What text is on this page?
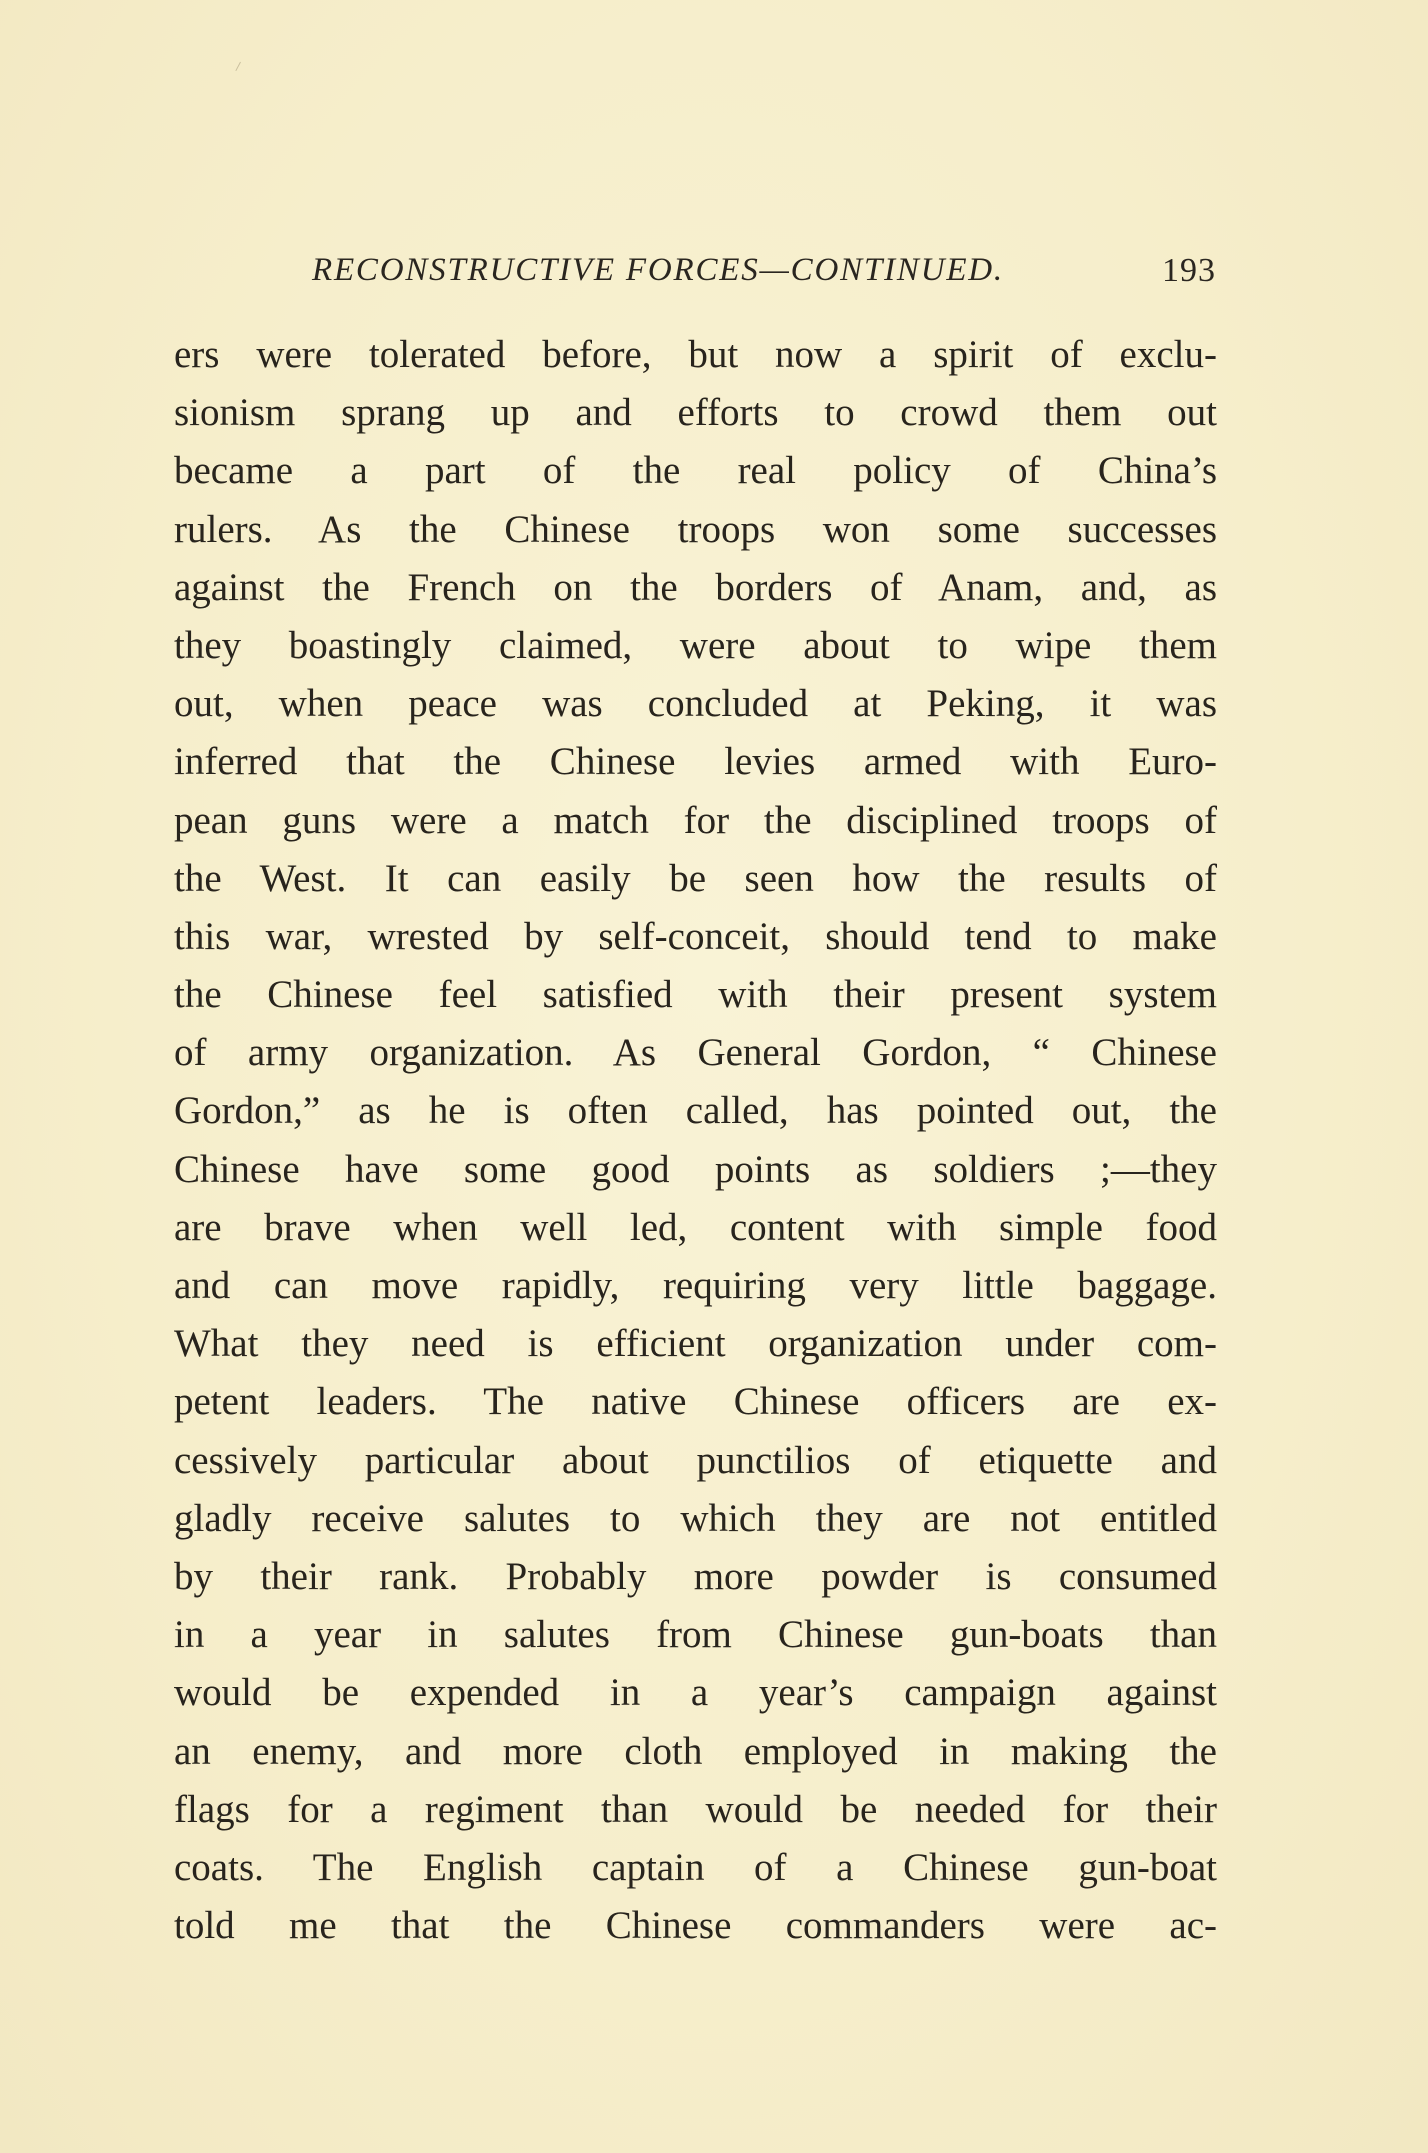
RECONSTRUCTIVE FORCES—CONTINUED.	193
ers were tolerated before, but now a spirit of exclu-
sionism sprang up and efforts to crowd them out
became a part of the real policy of China’s
rulers. As the Chinese troops won some successes
against the French on the borders of Anam, and, as
they boastingly claimed, were about to wipe them
out, when peace was concluded at Peking, it was
inferred that the Chinese levies armed with Euro-
pean guns were a match for the disciplined troops of
the West. It can easily be seen how the results of
this war, wrested by self-conceit, should tend to make
the Chinese feel satisfied with their present system
of army organization. As General Gordon, “ Chinese
Gordon,” as he is often called, has pointed out, the
Chinese have some good points as soldiers ;—they
are brave when well led, content with simple food
and can move rapidly, requiring very little baggage.
What they need is efficient organization under com-
petent leaders. The native Chinese officers are ex-
cessively particular about punctilios of etiquette and
gladly receive salutes to which they are not entitled
by their rank. Probably more powder is consumed
in a year in salutes from Chinese gun-boats than
would be expended in a year’s campaign against
an enemy, and more cloth employed in making the
flags for a regiment than would be needed for their
coats. The English captain of a Chinese gun-boat
told me that the Chinese commanders were ac-
